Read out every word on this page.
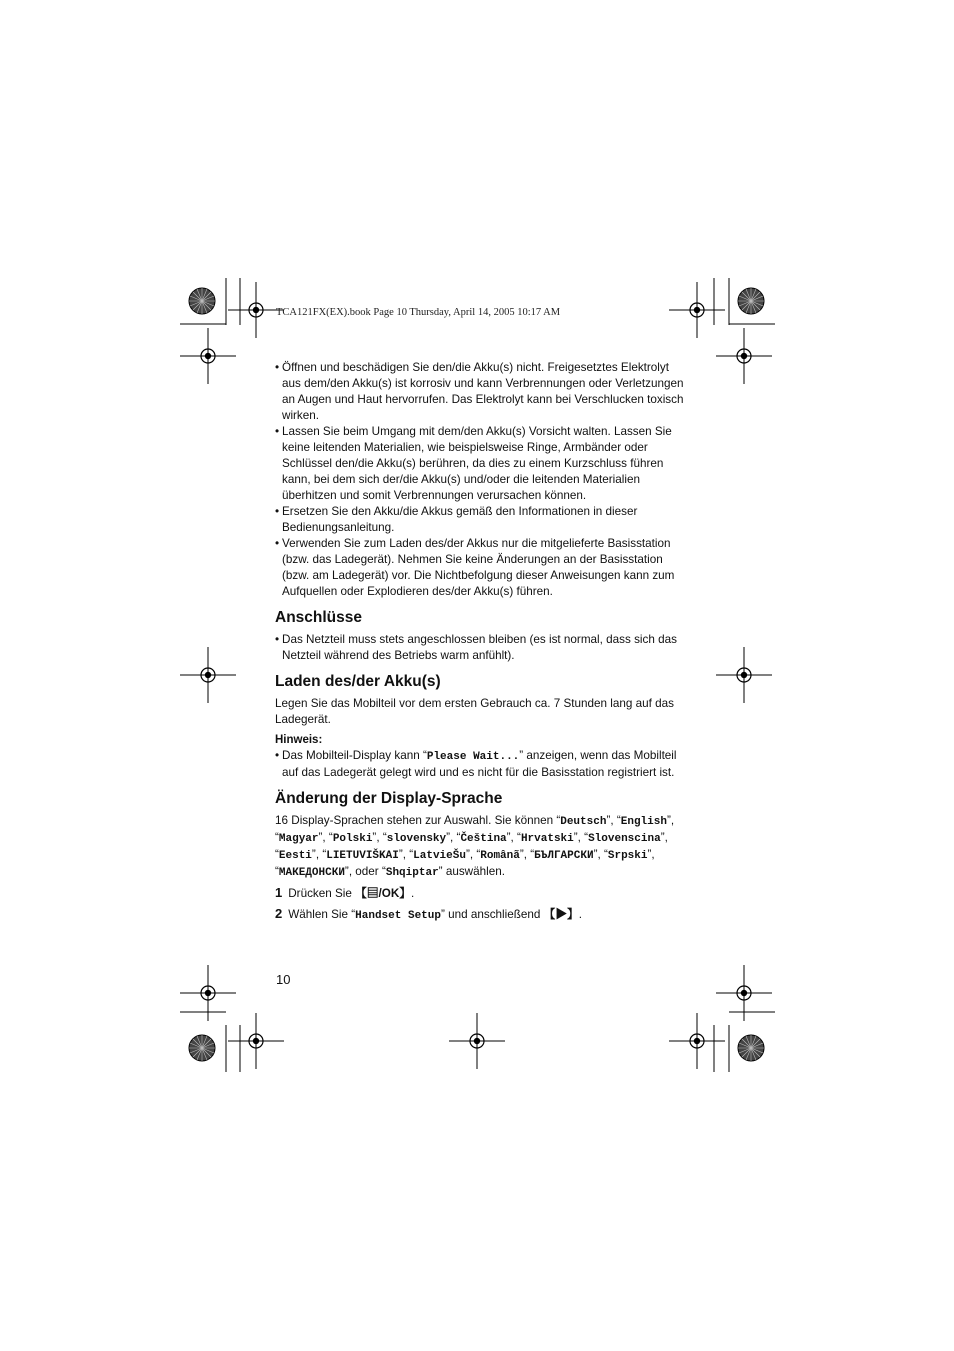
TCA121FX(EX).book Page 10 Thursday, April 14, 2005 10:17 AM

• Öffnen und beschädigen Sie den/die Akku(s) nicht. Freigesetztes Elektrolyt aus dem/den Akku(s) ist korrosiv und kann Verbrennungen oder Verletzungen an Augen und Haut hervorrufen. Das Elektrolyt kann bei Verschlucken toxisch wirken.

• Lassen Sie beim Umgang mit dem/den Akku(s) Vorsicht walten. Lassen Sie keine leitenden Materialien, wie beispielsweise Ringe, Armbänder oder Schlüssel den/die Akku(s) berühren, da dies zu einem Kurzschluss führen kann, bei dem sich der/die Akku(s) und/oder die leitenden Materialien überhitzen und somit Verbrennungen verursachen können.

• Ersetzen Sie den Akku/die Akkus gemäß den Informationen in dieser Bedienungsanleitung.

• Verwenden Sie zum Laden des/der Akkus nur die mitgelieferte Basisstation (bzw. das Ladegerät). Nehmen Sie keine Änderungen an der Basisstation (bzw. am Ladegerät) vor. Die Nichtbefolgung dieser Anweisungen kann zum Aufquellen oder Explodieren des/der Akku(s) führen.

Anschlüsse

• Das Netzteil muss stets angeschlossen bleiben (es ist normal, dass sich das Netzteil während des Betriebs warm anfühlt).

Laden des/der Akku(s)

Legen Sie das Mobilteil vor dem ersten Gebrauch ca. 7 Stunden lang auf das Ladegerät.

Hinweis:

• Das Mobilteil-Display kann “Please Wait...” anzeigen, wenn das Mobilteil auf das Ladegerät gelegt wird und es nicht für die Basisstation registriert ist.

Änderung der Display-Sprache

16 Display-Sprachen stehen zur Auswahl. Sie können “Deutsch”, “English”, “Magyar”, “Polski”, “slovensky”, “Čeština”, “Hrvatski”, “Slovenscina”, “Eesti”, “LIETUVIŠKAI”, “LatvieŠu”, “Românã”, “БЪЛГАРСКИ”, “Srpski”, “МАКЕДОНСКИ”, oder “Shqiptar” auswählen.

1 Drücken Sie 【▤/OK】.

2 Wählen Sie “Handset Setup” und anschließend 【▶】.

10
